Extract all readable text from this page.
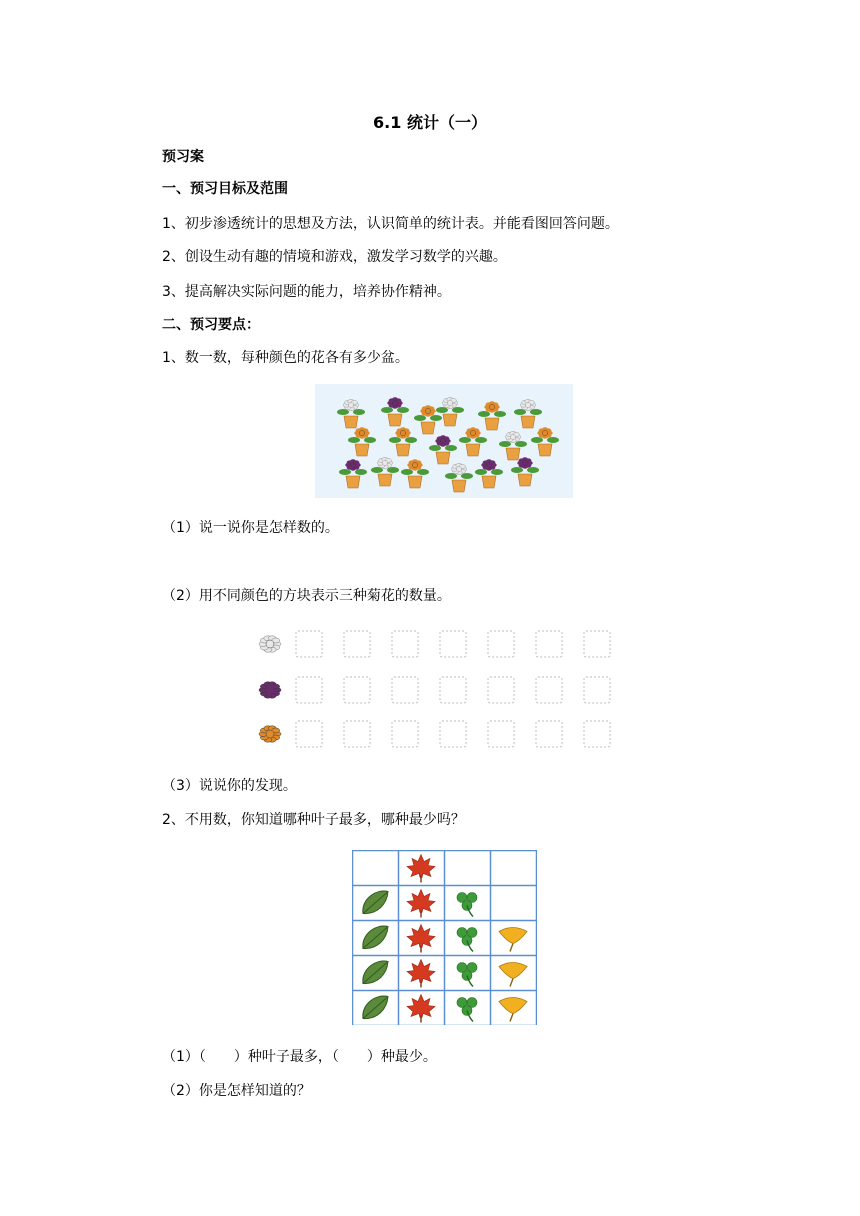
6.1 统计（一）
预习案
一、预习目标及范围
1、初步渗透统计的思想及方法，认识简单的统计表。并能看图回答问题。
2、创设生动有趣的情境和游戏，激发学习数学的兴趣。
3、提高解决实际问题的能力，培养协作精神。
二、预习要点：
1、数一数，每种颜色的花各有多少盆。
（1）说一说你是怎样数的。
（2）用不同颜色的方块表示三种菊花的数量。
（3）说说你的发现。
2、不用数，你知道哪种叶子最多，哪种最少吗？
（1）（　　）种叶子最多，（　　）种最少。
（2）你是怎样知道的？
